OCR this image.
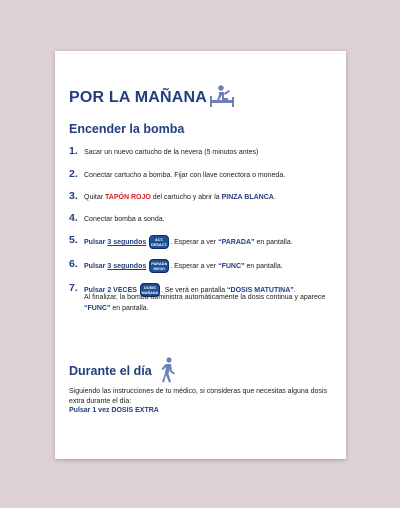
POR LA MAÑANA
Encender la bomba
1. Sacar un nuevo cartucho de la nevera (5 minutos antes)
2. Conectar cartucho a bomba. Fijar con llave conectora o moneda.
3. Quitar TAPÓN ROJO del cartucho y abrir la PINZA BLANCA.
4. Conectar bomba a sonda.
5. Pulsar 3 segundos ACT.
DESACT. . Esperar a ver “PARADA” en pantalla.
6. Pulsar 3 segundos PARADA
INICIO . Esperar a ver “FUNC” en pantalla.
7. Pulsar 2 VECES DOSIS
MAÑANA . Se verá en pantalla “DOSIS MATUTINA”.
Al finalizar, la bomba administra automáticamente la dosis continua y aparece “FUNC” en pantalla.
Durante el día
Siguiendo las instrucciones de tu médico, si consideras que necesitas alguna dosis extra durante el día:
Pulsar 1 vez DOSIS EXTRA
